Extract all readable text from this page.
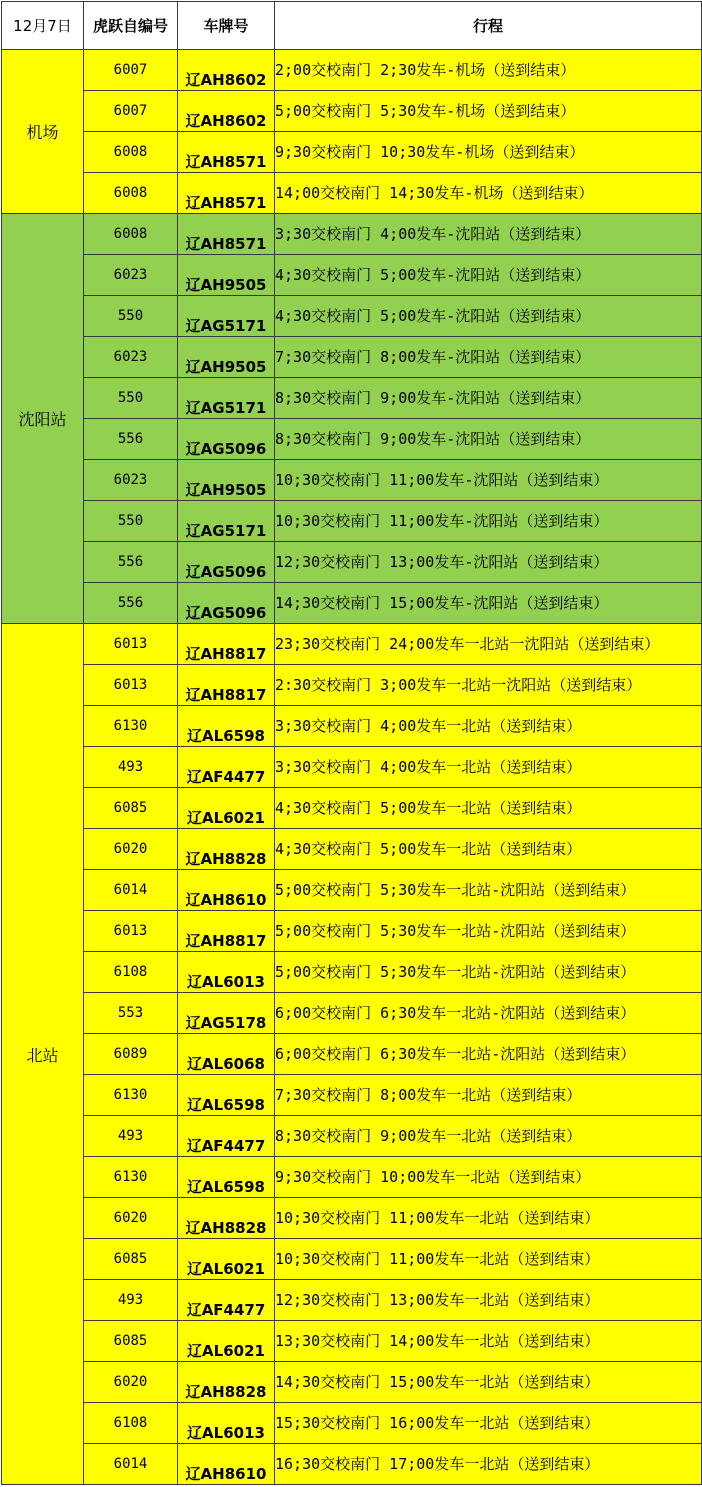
12月7日	虎跃自编号	车牌号	行程
机场	6007	辽AH8602	2;00交校南门 2;30发车-机场（送到结束）
	6007	辽AH8602	5;00交校南门 5;30发车-机场（送到结束）
	6008	辽AH8571	9;30交校南门 10;30发车-机场（送到结束）
	6008	辽AH8571	14;00交校南门 14;30发车-机场（送到结束）
沈阳站	6008	辽AH8571	3;30交校南门 4;00发车-沈阳站（送到结束）
	6023	辽AH9505	4;30交校南门 5;00发车-沈阳站（送到结束）
	550	辽AG5171	4;30交校南门 5;00发车-沈阳站（送到结束）
	6023	辽AH9505	7;30交校南门 8;00发车-沈阳站（送到结束）
	550	辽AG5171	8;30交校南门 9;00发车-沈阳站（送到结束）
	556	辽AG5096	8;30交校南门 9;00发车-沈阳站（送到结束）
	6023	辽AH9505	10;30交校南门 11;00发车-沈阳站（送到结束）
	550	辽AG5171	10;30交校南门 11;00发车-沈阳站（送到结束）
	556	辽AG5096	12;30交校南门 13;00发车-沈阳站（送到结束）
	556	辽AG5096	14;30交校南门 15;00发车-沈阳站（送到结束）
北站	6013	辽AH8817	23;30交校南门 24;00发车一北站一沈阳站（送到结束）
	6013	辽AH8817	2:30交校南门 3;00发车一北站一沈阳站（送到结束）
	6130	辽AL6598	3;30交校南门 4;00发车一北站（送到结束）
	493	辽AF4477	3;30交校南门 4;00发车一北站（送到结束）
	6085	辽AL6021	4;30交校南门 5;00发车一北站（送到结束）
	6020	辽AH8828	4;30交校南门 5;00发车一北站（送到结束）
	6014	辽AH8610	5;00交校南门 5;30发车一北站-沈阳站（送到结束）
	6013	辽AH8817	5;00交校南门 5;30发车一北站-沈阳站（送到结束）
	6108	辽AL6013	5;00交校南门 5;30发车一北站-沈阳站（送到结束）
	553	辽AG5178	6;00交校南门 6;30发车一北站-沈阳站（送到结束）
	6089	辽AL6068	6;00交校南门 6;30发车一北站-沈阳站（送到结束）
	6130	辽AL6598	7;30交校南门 8;00发车一北站（送到结束）
	493	辽AF4477	8;30交校南门 9;00发车一北站（送到结束）
	6130	辽AL6598	9;30交校南门 10;00发车一北站（送到结束）
	6020	辽AH8828	10;30交校南门 11;00发车一北站（送到结束）
	6085	辽AL6021	10;30交校南门 11;00发车一北站（送到结束）
	493	辽AF4477	12;30交校南门 13;00发车一北站（送到结束）
	6085	辽AL6021	13;30交校南门 14;00发车一北站（送到结束）
	6020	辽AH8828	14;30交校南门 15;00发车一北站（送到结束）
	6108	辽AL6013	15;30交校南门 16;00发车一北站（送到结束）
	6014	辽AH8610	16;30交校南门 17;00发车一北站（送到结束）
